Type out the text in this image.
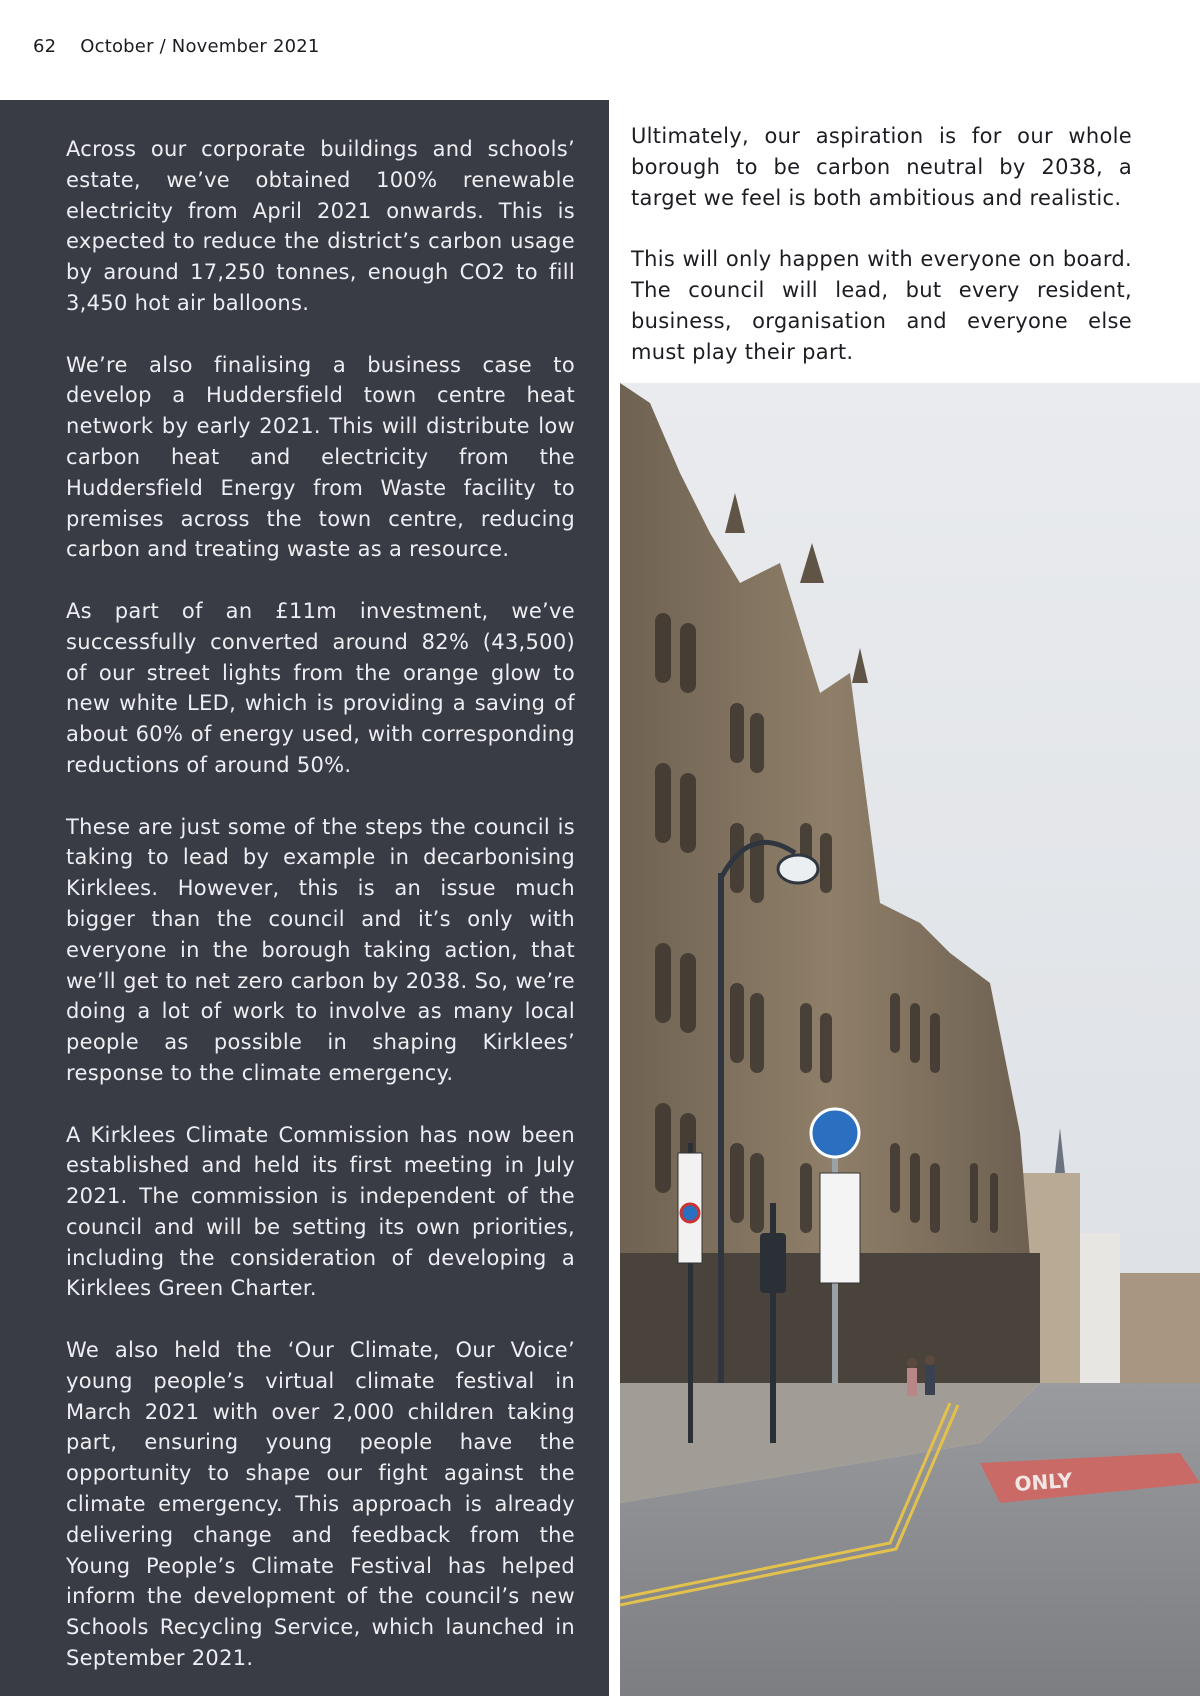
62 October / November 2021

Across our corporate buildings and schools’ estate, we’ve obtained 100% renewable electricity from April 2021 onwards. This is expected to reduce the district’s carbon usage by around 17,250 tonnes, enough CO2 to fill 3,450 hot air balloons.

We’re also finalising a business case to develop a Huddersfield town centre heat network by early 2021. This will distribute low carbon heat and electricity from the Huddersfield Energy from Waste facility to premises across the town centre, reducing carbon and treating waste as a resource.

As part of an £11m investment, we’ve successfully converted around 82% (43,500) of our street lights from the orange glow to new white LED, which is providing a saving of about 60% of energy used, with corresponding reductions of around 50%.

These are just some of the steps the council is taking to lead by example in decarbonising Kirklees. However, this is an issue much bigger than the council and it’s only with everyone in the borough taking action, that we’ll get to net zero carbon by 2038. So, we’re doing a lot of work to involve as many local people as possible in shaping Kirklees’ response to the climate emergency.

A Kirklees Climate Commission has now been established and held its first meeting in July 2021. The commission is independent of the council and will be setting its own priorities, including the consideration of developing a Kirklees Green Charter.

We also held the ‘Our Climate, Our Voice’ young people’s virtual climate festival in March 2021 with over 2,000 children taking part, ensuring young people have the opportunity to shape our fight against the climate emergency. This approach is already delivering change and feedback from the Young People’s Climate Festival has helped inform the development of the council’s new Schools Recycling Service, which launched in September 2021.

Ultimately, our aspiration is for our whole borough to be carbon neutral by 2038, a target we feel is both ambitious and realistic.

This will only happen with everyone on board. The council will lead, but every resident, business, organisation and everyone else must play their part.

ONLY
